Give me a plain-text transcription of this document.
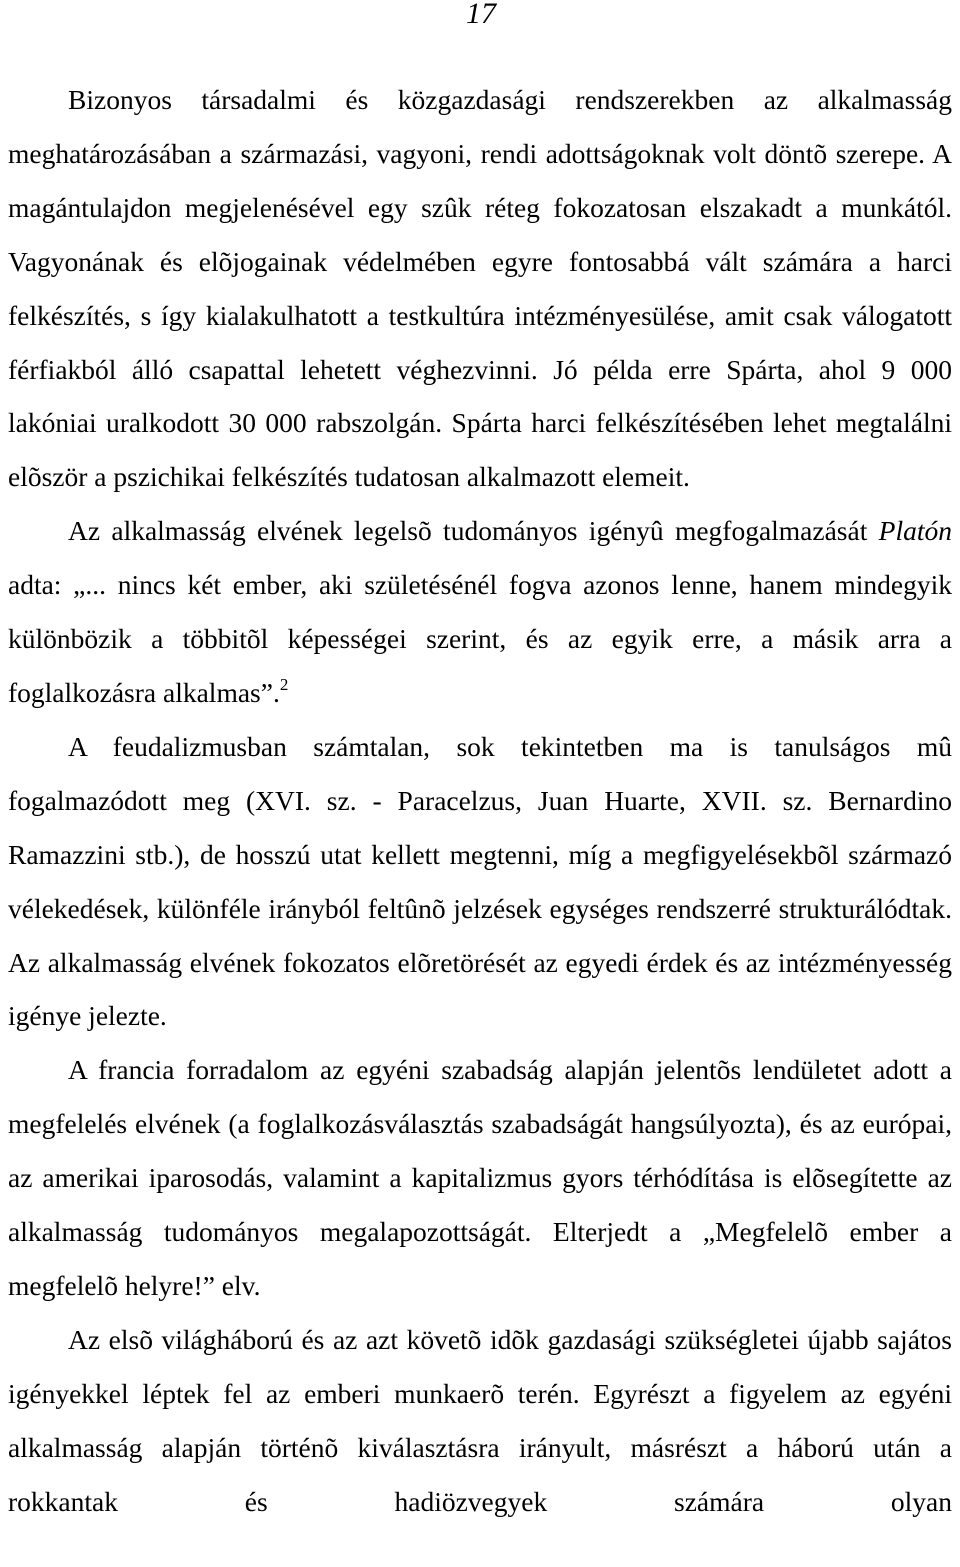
17

Bizonyos társadalmi és közgazdasági rendszerekben az alkalmasság meghatározásában a származási, vagyoni, rendi adottságoknak volt döntõ szerepe. A magántulajdon megjelenésével egy szûk réteg fokozatosan elszakadt a munkától. Vagyonának és elõjogainak védelmében egyre fontosabbá vált számára a harci felkészítés, s így kialakulhatott a testkultúra intézményesülése, amit csak válogatott férfiakból álló csapattal lehetett véghezvinni. Jó példa erre Spárta, ahol 9 000 lakóniai uralkodott 30 000 rabszolgán. Spárta harci felkészítésében lehet megtalálni elõször a pszichikai felkészítés tudatosan alkalmazott elemeit.

Az alkalmasság elvének legelsõ tudományos igényû megfogalmazását Platón adta: „... nincs két ember, aki születésénél fogva azonos lenne, hanem mindegyik különbözik a többitõl képességei szerint, és az egyik erre, a másik arra a foglalkozásra alkalmas”.$^2$

A feudalizmusban számtalan, sok tekintetben ma is tanulságos mû fogalmazódott meg (XVI. sz. - Paracelzus, Juan Huarte, XVII. sz. Bernardino Ramazzini stb.), de hosszú utat kellett megtenni, míg a megfigyelésekbõl származó vélekedések, különféle irányból feltûnõ jelzések egységes rendszerré strukturálódtak. Az alkalmasság elvének fokozatos elõretörését az egyedi érdek és az intézményesség igénye jelezte.

A francia forradalom az egyéni szabadság alapján jelentõs lendületet adott a megfelelés elvének (a foglalkozásválasztás szabadságát hangsúlyozta), és az európai, az amerikai iparosodás, valamint a kapitalizmus gyors térhódítása is elõsegítette az alkalmasság tudományos megalapozottságát. Elterjedt a „Megfelelõ ember a megfelelõ helyre!” elv.

Az elsõ világháború és az azt követõ idõk gazdasági szükségletei újabb sajátos igényekkel léptek fel az emberi munkaerõ terén. Egyrészt a figyelem az egyéni alkalmasság alapján történõ kiválasztásra irányult, másrészt a háború után a rokkantak és hadiözvegyek számára olyan
